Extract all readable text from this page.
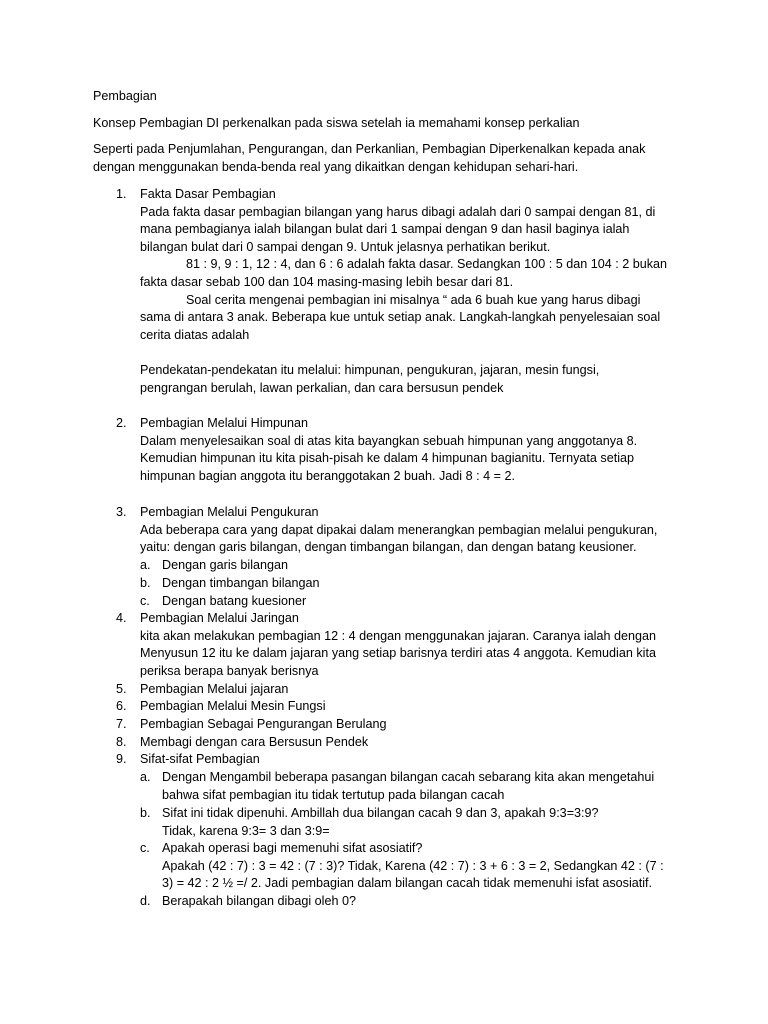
Pembagian

Konsep Pembagian DI perkenalkan pada siswa setelah ia memahami konsep perkalian

Seperti pada Penjumlahan, Pengurangan, dan Perkanlian, Pembagian Diperkenalkan kepada anak
dengan menggunakan benda-benda real yang dikaitkan dengan kehidupan sehari-hari.
1. Fakta Dasar Pembagian
Pada fakta dasar pembagian bilangan yang harus dibagi adalah dari 0 sampai dengan 81, di
mana pembagianya ialah bilangan bulat dari 1 sampai dengan 9 dan hasil baginya ialah
bilangan bulat dari 0 sampai dengan 9. Untuk jelasnya perhatikan berikut.
81 : 9, 9 : 1, 12 : 4, dan 6 : 6 adalah fakta dasar. Sedangkan 100 : 5 dan 104 : 2 bukan
fakta dasar sebab 100 dan 104 masing-masing lebih besar dari 81.
Soal cerita mengenai pembagian ini misalnya “ ada 6 buah kue yang harus dibagi
sama di antara 3 anak. Beberapa kue untuk setiap anak. Langkah-langkah penyelesaian soal
cerita diatas adalah
Pendekatan-pendekatan itu melalui: himpunan, pengukuran, jajaran, mesin fungsi,
pengrangan berulah, lawan perkalian, dan cara bersusun pendek
2. Pembagian Melalui Himpunan
Dalam menyelesaikan soal di atas kita bayangkan sebuah himpunan yang anggotanya 8.
Kemudian himpunan itu kita pisah-pisah ke dalam 4 himpunan bagianitu. Ternyata setiap
himpunan bagian anggota itu beranggotakan 2 buah. Jadi 8 : 4 = 2.
3. Pembagian Melalui Pengukuran
Ada beberapa cara yang dapat dipakai dalam menerangkan pembagian melalui pengukuran,
yaitu: dengan garis bilangan, dengan timbangan bilangan, dan dengan batang keusioner.
a. Dengan garis bilangan
b. Dengan timbangan bilangan
c. Dengan batang kuesioner
4. Pembagian Melalui Jaringan
kita akan melakukan pembagian 12 : 4 dengan menggunakan jajaran. Caranya ialah dengan
Menyusun 12 itu ke dalam jajaran yang setiap barisnya terdiri atas 4 anggota. Kemudian kita
periksa berapa banyak berisnya
5. Pembagian Melalui jajaran
6. Pembagian Melalui Mesin Fungsi
7. Pembagian Sebagai Pengurangan Berulang
8. Membagi dengan cara Bersusun Pendek
9. Sifat-sifat Pembagian
a. Dengan Mengambil beberapa pasangan bilangan cacah sebarang kita akan mengetahui
bahwa sifat pembagian itu tidak tertutup pada bilangan cacah
b. Sifat ini tidak dipenuhi. Ambillah dua bilangan cacah 9 dan 3, apakah 9:3=3:9?
Tidak, karena 9:3= 3 dan 3:9=
c. Apakah operasi bagi memenuhi sifat asosiatif?
Apakah (42 : 7) : 3 = 42 : (7 : 3)? Tidak, Karena (42 : 7) : 3 + 6 : 3 = 2, Sedangkan 42 : (7 :
3) = 42 : 2 ½ =/ 2. Jadi pembagian dalam bilangan cacah tidak memenuhi isfat asosiatif.
d. Berapakah bilangan dibagi oleh 0?
